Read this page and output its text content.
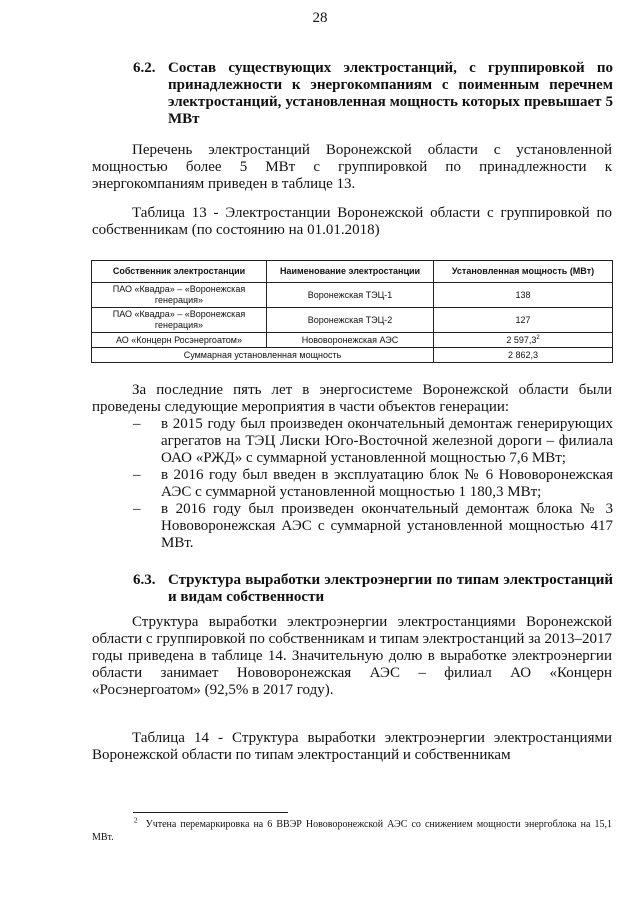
28
6.2. Состав существующих электростанций, с группировкой по принадлежности к энергокомпаниям с поименным перечнем электростанций, установленная мощность которых превышает 5 МВт
Перечень электростанций Воронежской области с установленной мощностью более 5 МВт с группировкой по принадлежности к энергокомпаниям приведен в таблице 13.
Таблица 13 - Электростанции Воронежской области с группировкой по собственникам (по состоянию на 01.01.2018)
Собственник электростанции	Наименование электростанции	Установленная мощность (МВт)
ПАО «Квадра» – «Воронежская генерация»	Воронежская ТЭЦ-1	138
ПАО «Квадра» – «Воронежская генерация»	Воронежская ТЭЦ-2	127
АО «Концерн Росэнергоатом»	Нововоронежская АЭС	2 597,3$^2$
Суммарная установленная мощность		2 862,3
За последние пять лет в энергосистеме Воронежской области были проведены следующие мероприятия в части объектов генерации:
– в 2015 году был произведен окончательный демонтаж генерирующих агрегатов на ТЭЦ Лиски Юго-Восточной железной дороги – филиала ОАО «РЖД» с суммарной установленной мощностью 7,6 МВт;
– в 2016 году был введен в эксплуатацию блок № 6 Нововоронежская АЭС с суммарной установленной мощностью 1 180,3 МВт;
– в 2016 году был произведен окончательный демонтаж блока № 3 Нововоронежская АЭС с суммарной установленной мощностью 417 МВт.
6.3. Структура выработки электроэнергии по типам электростанций и видам собственности
Структура выработки электроэнергии электростанциями Воронежской области с группировкой по собственникам и типам электростанций за 2013–2017 годы приведена в таблице 14. Значительную долю в выработке электроэнергии области занимает Нововоронежская АЭС – филиал АО «Концерн «Росэнергоатом» (92,5% в 2017 году).
Таблица 14 - Структура выработки электроэнергии электростанциями Воронежской области по типам электростанций и собственникам
$^2$ Учтена перемаркировка на 6 ВВЭР Нововоронежской АЭС со снижением мощности энергоблока на 15,1 МВт.
